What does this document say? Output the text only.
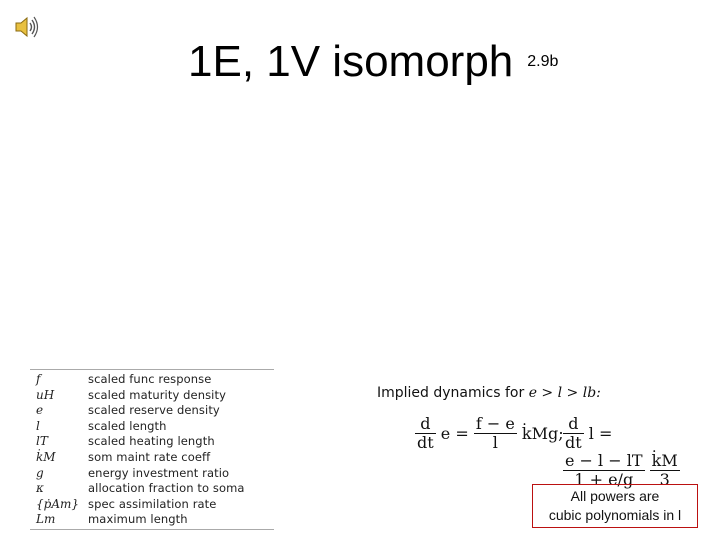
1E, 1V isomorph 2.9b
f	scaled func response
uH	scaled maturity density
e	scaled reserve density
l	scaled length
lT	scaled heating length
k̇M	som maint rate coeff
g	energy investment ratio
κ	allocation fraction to soma
{ṗAm} spec assimilation rate
Lm	maximum length
Implied dynamics for e > l > lb:
$\frac{d}{dt}$ $e = \frac{f - e}{l}$ k̇Mg; $\frac{d}{dt}$ l =
$\frac{e - l - lT}{1 + e/g}$
$\frac{k̇M}{3}$
All powers are
cubic polynomials in l
